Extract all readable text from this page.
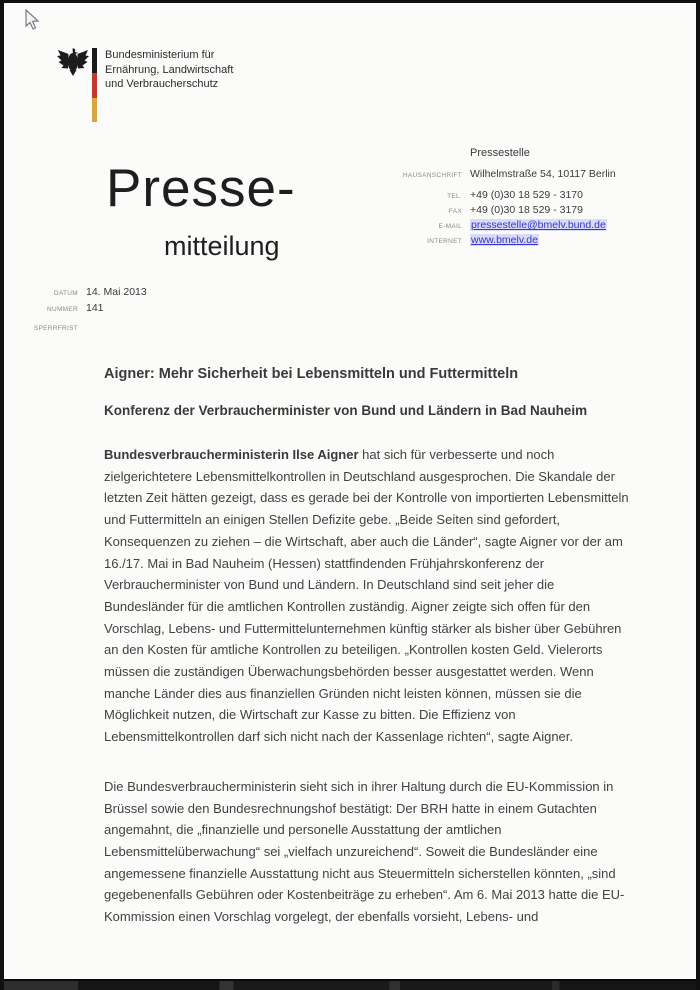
Bundesministerium für
Ernährung, Landwirtschaft
und Verbraucherschutz
Presse-
mitteilung
Pressestelle
HAUSANSCHRIFT Wilhelmstraße 54, 10117 Berlin
TEL. +49 (0)30 18 529 - 3170
FAX +49 (0)30 18 529 - 3179
E-MAIL pressestelle@bmelv.bund.de
INTERNET www.bmelv.de
DATUM 14. Mai 2013
NUMMER 141
SPERRFRIST
Aigner: Mehr Sicherheit bei Lebensmitteln und Futtermitteln
Konferenz der Verbraucherminister von Bund und Ländern in Bad Nauheim

Bundesverbraucherministerin Ilse Aigner hat sich für verbesserte und noch zielgerichtetere Lebensmittelkontrollen in Deutschland ausgesprochen. Die Skandale der letzten Zeit hätten gezeigt, dass es gerade bei der Kontrolle von importierten Lebensmitteln und Futtermitteln an einigen Stellen Defizite gebe. „Beide Seiten sind gefordert, Konsequenzen zu ziehen – die Wirtschaft, aber auch die Länder“, sagte Aigner vor der am 16./17. Mai in Bad Nauheim (Hessen) stattfindenden Frühjahrskonferenz der Verbraucherminister von Bund und Ländern. In Deutschland sind seit jeher die Bundesländer für die amtlichen Kontrollen zuständig. Aigner zeigte sich offen für den Vorschlag, Lebens- und Futtermittelunternehmen künftig stärker als bisher über Gebühren an den Kosten für amtliche Kontrollen zu beteiligen. „Kontrollen kosten Geld. Vielerorts müssen die zuständigen Überwachungsbehörden besser ausgestattet werden. Wenn manche Länder dies aus finanziellen Gründen nicht leisten können, müssen sie die Möglichkeit nutzen, die Wirtschaft zur Kasse zu bitten. Die Effizienz von Lebensmittelkontrollen darf sich nicht nach der Kassenlage richten“, sagte Aigner.

Die Bundesverbraucherministerin sieht sich in ihrer Haltung durch die EU-Kommission in Brüssel sowie den Bundesrechnungshof bestätigt: Der BRH hatte in einem Gutachten angemahnt, die „finanzielle und personelle Ausstattung der amtlichen Lebensmittelüberwachung“ sei „vielfach unzureichend“. Soweit die Bundesländer eine angemessene finanzielle Ausstattung nicht aus Steuermitteln sicherstellen könnten, „sind gegebenenfalls Gebühren oder Kostenbeiträge zu erheben“. Am 6. Mai 2013 hatte die EU-Kommission einen Vorschlag vorgelegt, der ebenfalls vorsieht, Lebens- und
